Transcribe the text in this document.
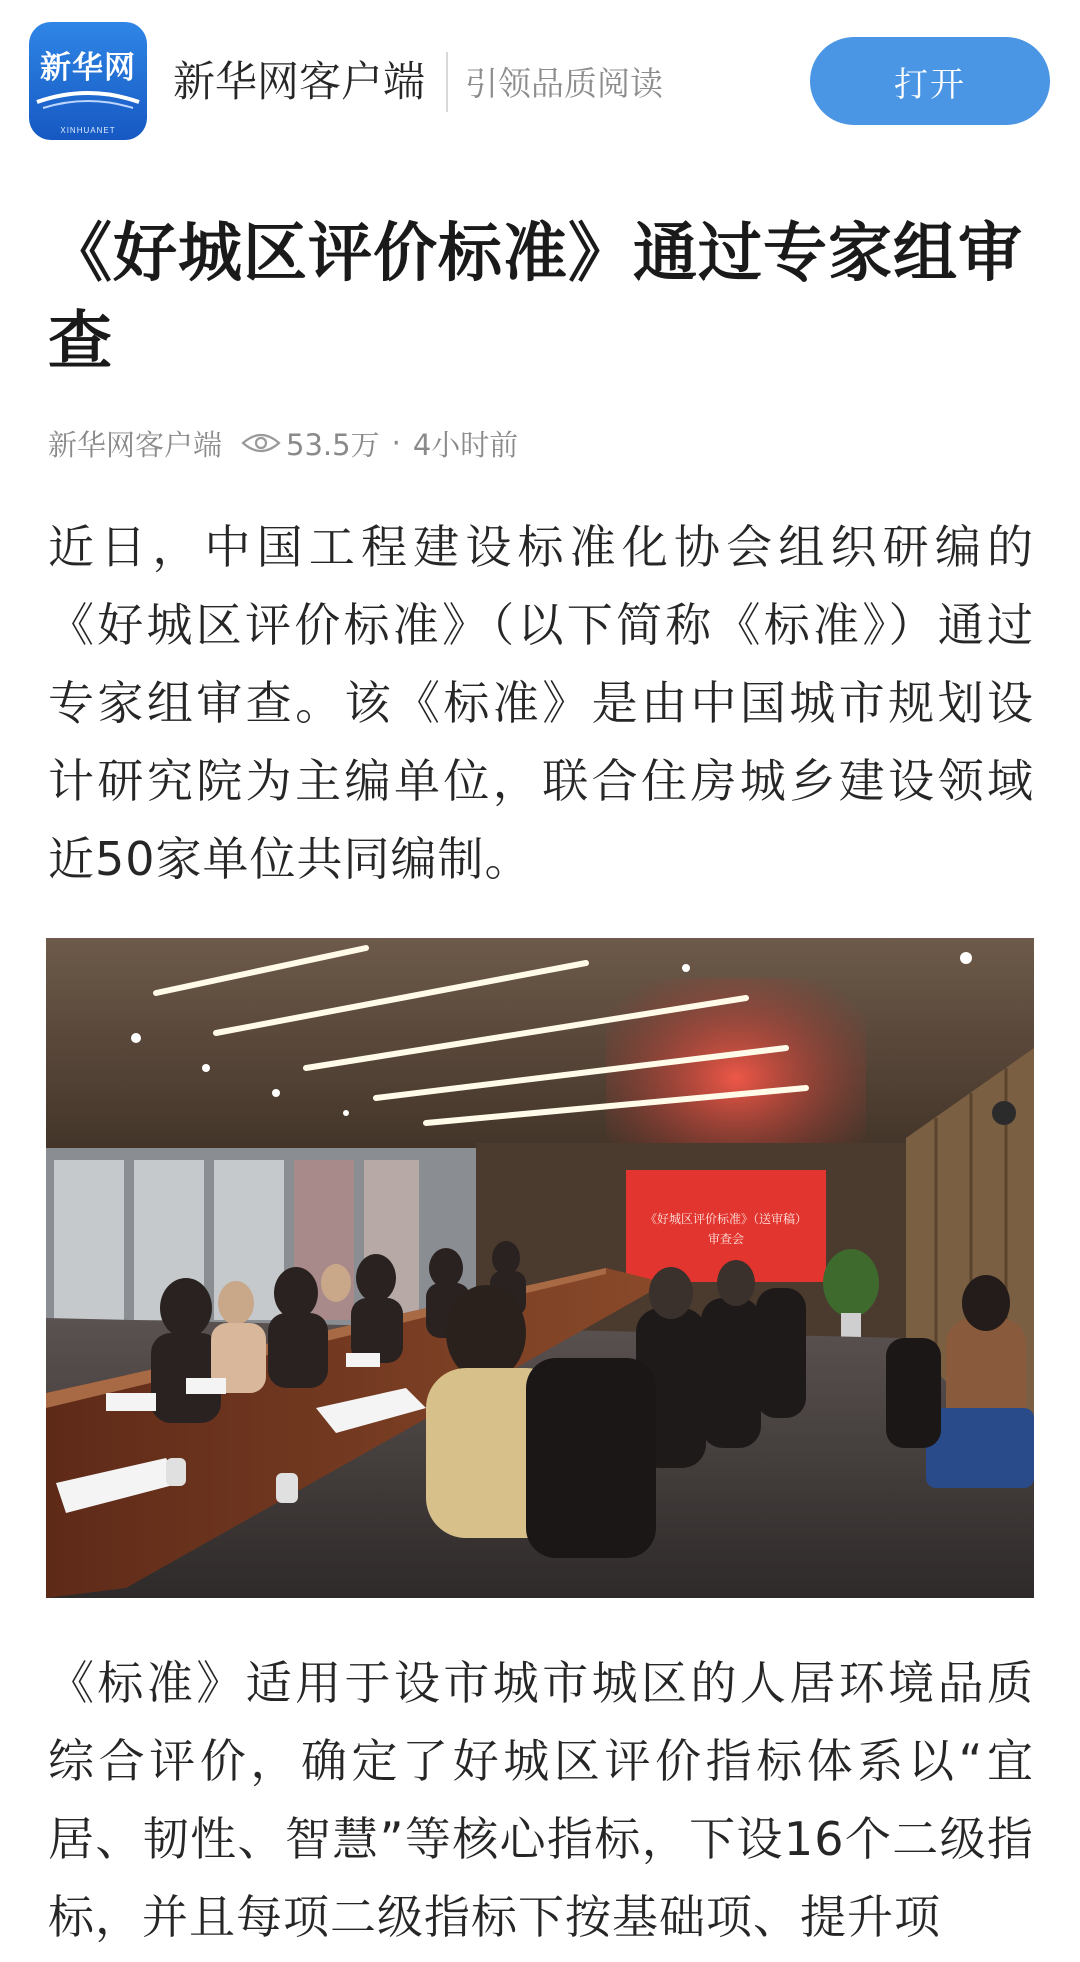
新华网
XINHUANET
新华网客户端 引领品质阅读	打开
《好城区评价标准》通过专家组审查
新华网客户端 53.5万 · 4小时前

近日，中国工程建设标准化协会组织研编的《好城区评价标准》（以下简称《标准》）通过专家组审查。该《标准》是由中国城市规划设计研究院为主编单位，联合住房城乡建设领域近50家单位共同编制。

《好城区评价标准》（送审稿）
审查会

《标准》适用于设市城市城区的人居环境品质综合评价，确定了好城区评价指标体系以“宜居、韧性、智慧”等核心指标，下设16个二级指标，并且每项二级指标下按基础项、提升项
